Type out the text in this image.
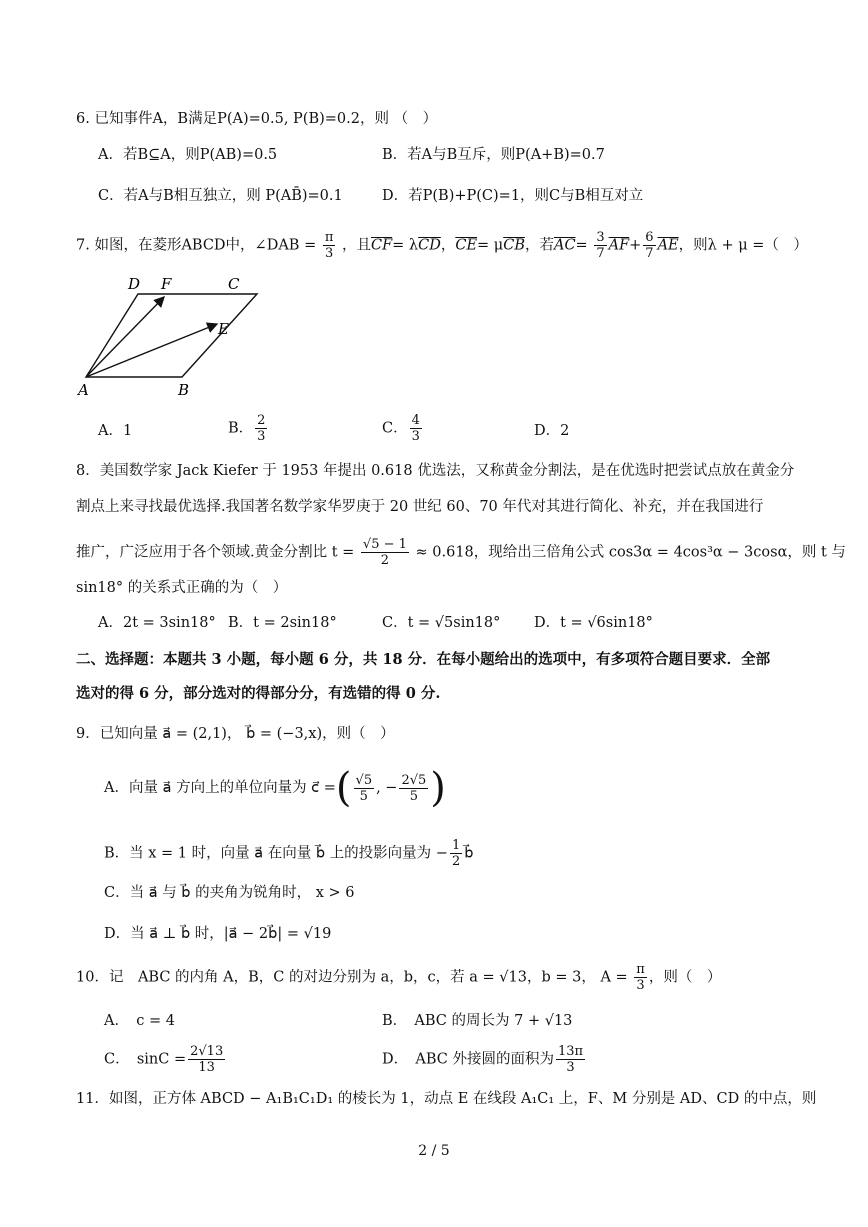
6. 已知事件A，B满足P(A)=0.5, P(B)=0.2，则 （　）
A．若B⊆A，则P(AB)=0.5	B．若A与B互斥，则P(A+B)=0.7
C．若A与B相互独立，则 P(AB̄)=0.1	D．若P(B)+P(C)=1，则C与B相互对立
7. 如图，在菱形ABCD中，∠DAB = $\frac{\pi}{3}$ ，且$\overline{CF}= \lambda\overline{CD}$，$\overline{CE}= \mu\overline{CB}$，若$\overline{AC}= \frac{3}{7} \overline{AF}+ \frac{6}{7} \overline{AE}$，则λ + μ =（　）
D F	C
E
A	B
A．1	B． $\frac{2}{3}$	C． $\frac{4}{3}$	D．2
8．美国数学家 Jack Kiefer 于 1953 年提出 0.618 优选法，又称黄金分割法，是在优选时把尝试点放在黄金分
割点上来寻找最优选择.我国著名数学家华罗庚于 20 世纪 60、70 年代对其进行简化、补充，并在我国进行
推广，广泛应用于各个领域.黄金分割比 $t = \frac{√5 - 1}{2} \approx 0.618$，现给出三倍角公式 cos3α = 4cos³α − 3cosα，则 t 与
sin18° 的关系式正确的为（　）
A．2t = 3sin18° B．t = 2sin18°	C．t = √5sin18° D．t = √6sin18°
二、选择题：本题共 3 小题，每小题 6 分，共 18 分．在每小题给出的选项中，有多项符合题目要求．全部
选对的得 6 分，部分选对的得部分分，有选错的得 0 分.
9．已知向量 a⃗ = (2,1)， b⃗ = (−3,x)，则（　）
A．向量 a⃗ 方向上的单位向量为 c⃗ =( $\frac{√5}{5}$ , − $\frac{2√5}{5}$ )
B．当 x = 1 时，向量 a⃗ 在向量 b⃗ 上的投影向量为 − $\frac{1}{2}$ b⃗
C．当 a⃗ 与 b⃗ 的夹角为锐角时， x > 6
D．当 a⃗ ⊥ b⃗ 时，|a⃗ − 2b⃗| = √19
10．记　ABC 的内角 A，B，C 的对边分别为 a，b，c，若 a = √13，b = 3， $A = \frac{\pi}{3}$ ，则（　）
A．　c = 4	B．　ABC 的周长为 7 + √13
C．　$\sin C = \frac{2√13}{13}$	D．　ABC 外接圆的面积为 $\frac{13\pi}{3}$
11．如图，正方体 ABCD − A₁B₁C₁D₁ 的棱长为 1，动点 E 在线段 A₁C₁ 上，F、M 分别是 AD、CD 的中点，则
2 / 5
